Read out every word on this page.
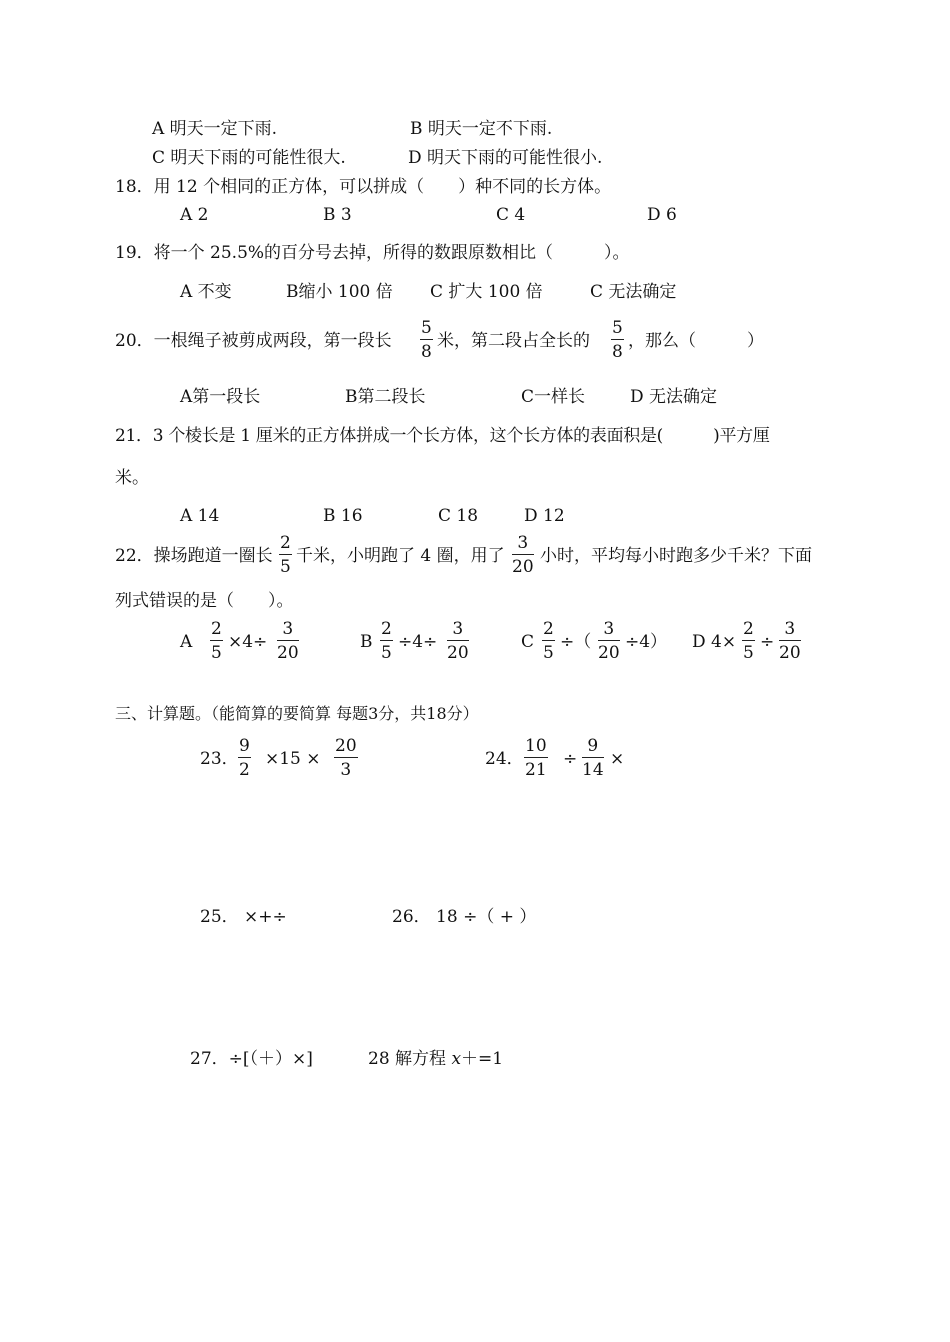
A 明天一定下雨.	B 明天一定不下雨.
C 明天下雨的可能性很大.	D 明天下雨的可能性很小.
18．用 12 个相同的正方体，可以拼成（　　）种不同的长方体。
A 2	B 3	C 4	D 6
19．将一个 25.5%的百分号去掉，所得的数跟原数相比（　　　）。
A 不变	B缩小 100 倍 C 扩大 100 倍	C 无法确定
20．一根绳子被剪成两段，第一段长 $\frac{5}{8}$ 米，第二段占全长的 $\frac{5}{8}$ ，那么（　　　）
A第一段长	B第二段长	C一样长	D 无法确定
21．3 个棱长是 1 厘米的正方体拼成一个长方体，这个长方体的表面积是(　　　)平方厘
米。
A 14	B 16	C 18	D 12
22．操场跑道一圈长 $\frac{2}{5}$ 千米，小明跑了 4 圈，用了 $\frac{3}{20}$ 小时，平均每小时跑多少千米？下面
列式错误的是（　　）。
A $\frac{2}{5} \times 4\div \frac{3}{20}$	B $\frac{2}{5} \div 4\div \frac{3}{20}$	C $\frac{2}{5}$ ÷（ $\frac{3}{20} \div 4$） D $4\times \frac{2}{5} \div \frac{3}{20}$
三、计算题。（能简算的要简算 每题3分，共18分）
23． $\frac{9}{2} \times 15 \times \frac{20}{3}$	24． $\frac{10}{21} \div \frac{9}{14}$ ×
25． ×+÷	26． 18 ÷（ + ）
27．÷[（＋）×]	28 解方程 x＋=1
